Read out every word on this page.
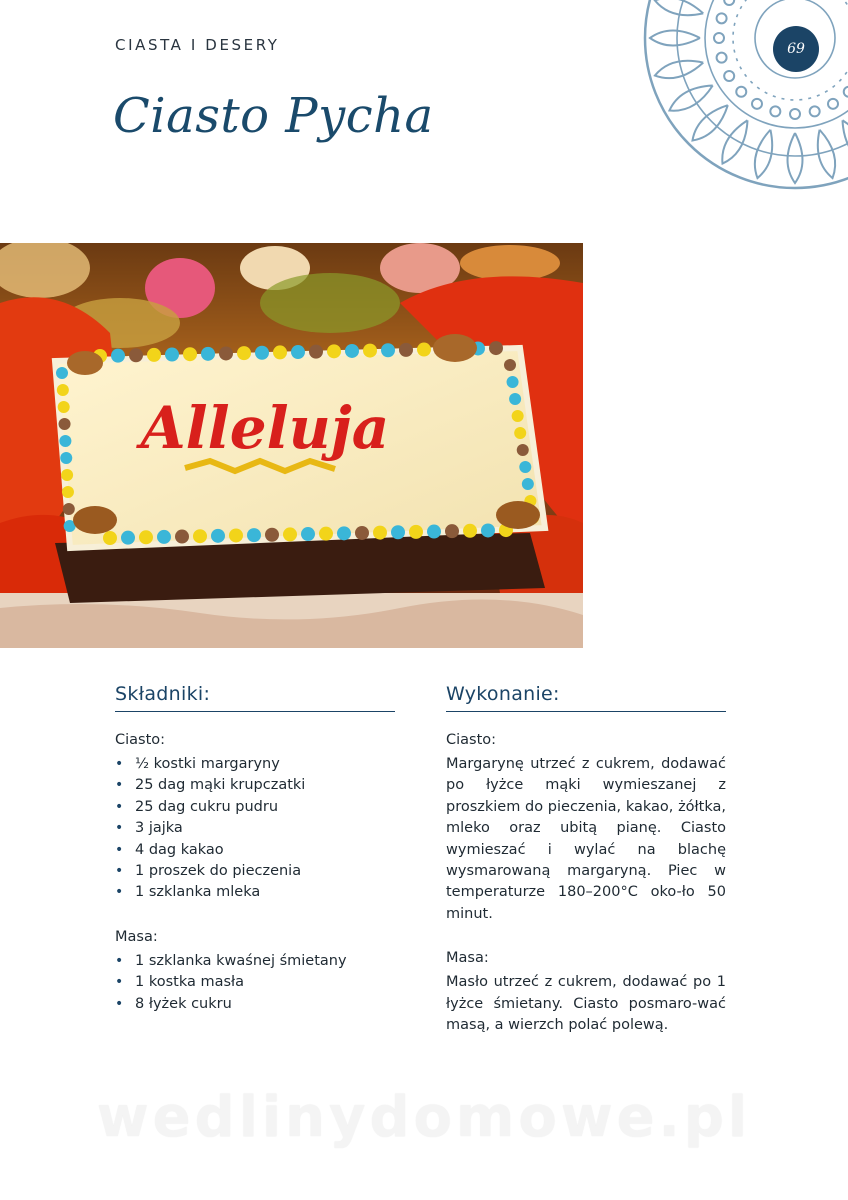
CIASTA I DESERY
Ciasto Pycha
69
Alleluja
Składniki:
Ciasto:
• ½ kostki margaryny
• 25 dag mąki krupczatki
• 25 dag cukru pudru
• 3 jajka
• 4 dag kakao
• 1 proszek do pieczenia
• 1 szklanka mleka
Masa:
• 1 szklanka kwaśnej śmietany
• 1 kostka masła
• 8 łyżek cukru
Wykonanie:
Ciasto:

Margarynę utrzeć z cukrem, dodawać po łyżce mąki wymieszanej z proszkiem do pieczenia, kakao, żółtka, mleko oraz ubitą pianę. Ciasto wymieszać i wylać na blachę wysmarowaną margaryną. Piec w temperaturze 180–200°C oko-ło 50 minut.

Masa:

Masło utrzeć z cukrem, dodawać po 1 łyżce śmietany. Ciasto posmaro-wać masą, a wierzch polać polewą.

wedlinydomowe.pl
